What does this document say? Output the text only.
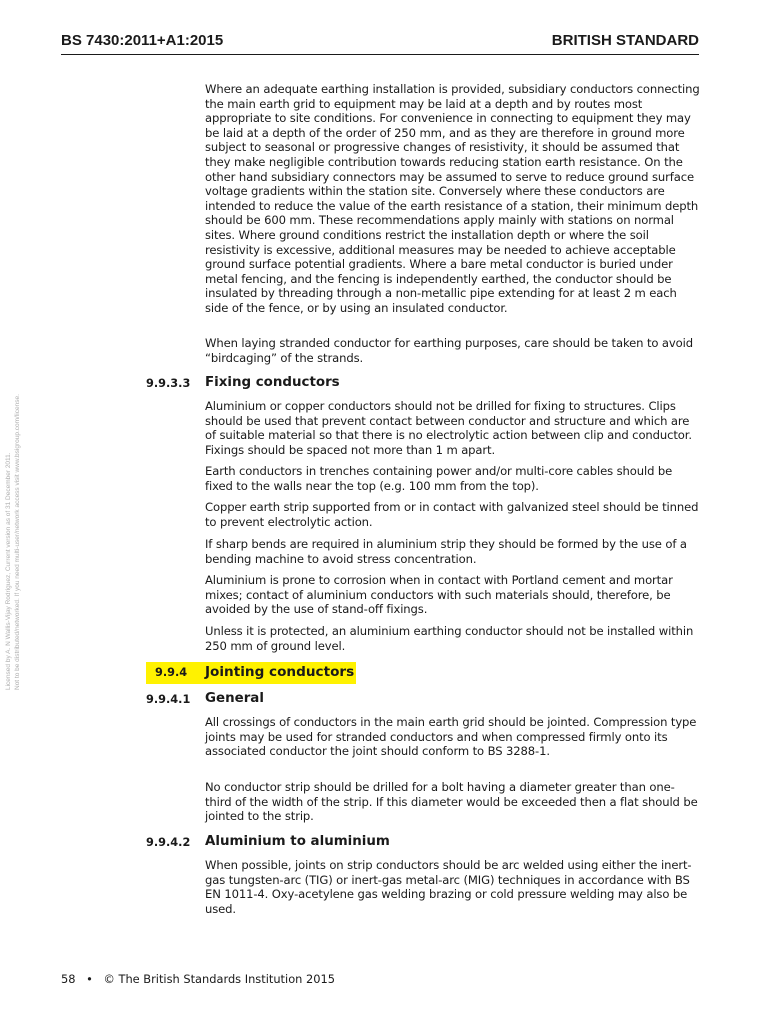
BS 7430:2011+A1:2015	BRITISH STANDARD
Licensed by A. N Wallis-Vijay Rodriguez, Current version as of 31 December 2011. Not to be distributed/networked. If you need multi-user/network access visit www.bsigroup.com/license.

Where an adequate earthing installation is provided, subsidiary conductors connecting the main earth grid to equipment may be laid at a depth and by routes most appropriate to site conditions. For convenience in connecting to equipment they may be laid at a depth of the order of 250 mm, and as they are therefore in ground more subject to seasonal or progressive changes of resistivity, it should be assumed that they make negligible contribution towards reducing station earth resistance. On the other hand subsidiary connectors may be assumed to serve to reduce ground surface voltage gradients within the station site. Conversely where these conductors are intended to reduce the value of the earth resistance of a station, their minimum depth should be 600 mm. These recommendations apply mainly with stations on normal sites. Where ground conditions restrict the installation depth or where the soil resistivity is excessive, additional measures may be needed to achieve acceptable ground surface potential gradients. Where a bare metal conductor is buried under metal fencing, and the fencing is independently earthed, the conductor should be insulated by threading through a non-metallic pipe extending for at least 2 m each side of the fence, or by using an insulated conductor.

When laying stranded conductor for earthing purposes, care should be taken to avoid “birdcaging” of the strands.

9.9.3.3 Fixing conductors

Aluminium or copper conductors should not be drilled for fixing to structures. Clips should be used that prevent contact between conductor and structure and which are of suitable material so that there is no electrolytic action between clip and conductor. Fixings should be spaced not more than 1 m apart.

Earth conductors in trenches containing power and/or multi-core cables should be fixed to the walls near the top (e.g. 100 mm from the top).

Copper earth strip supported from or in contact with galvanized steel should be tinned to prevent electrolytic action.

If sharp bends are required in aluminium strip they should be formed by the use of a bending machine to avoid stress concentration.

Aluminium is prone to corrosion when in contact with Portland cement and mortar mixes; contact of aluminium conductors with such materials should, therefore, be avoided by the use of stand-off fixings.

Unless it is protected, an aluminium earthing conductor should not be installed within 250 mm of ground level.

9.9.4 Jointing conductors
9.9.4.1 General

All crossings of conductors in the main earth grid should be jointed. Compression type joints may be used for stranded conductors and when compressed firmly onto its associated conductor the joint should conform to BS 3288-1.

No conductor strip should be drilled for a bolt having a diameter greater than one-third of the width of the strip. If this diameter would be exceeded then a flat should be jointed to the strip.

9.9.4.2 Aluminium to aluminium

When possible, joints on strip conductors should be arc welded using either the inert-gas tungsten-arc (TIG) or inert-gas metal-arc (MIG) techniques in accordance with BS EN 1011-4. Oxy-acetylene gas welding brazing or cold pressure welding may also be used.

58 • © The British Standards Institution 2015
